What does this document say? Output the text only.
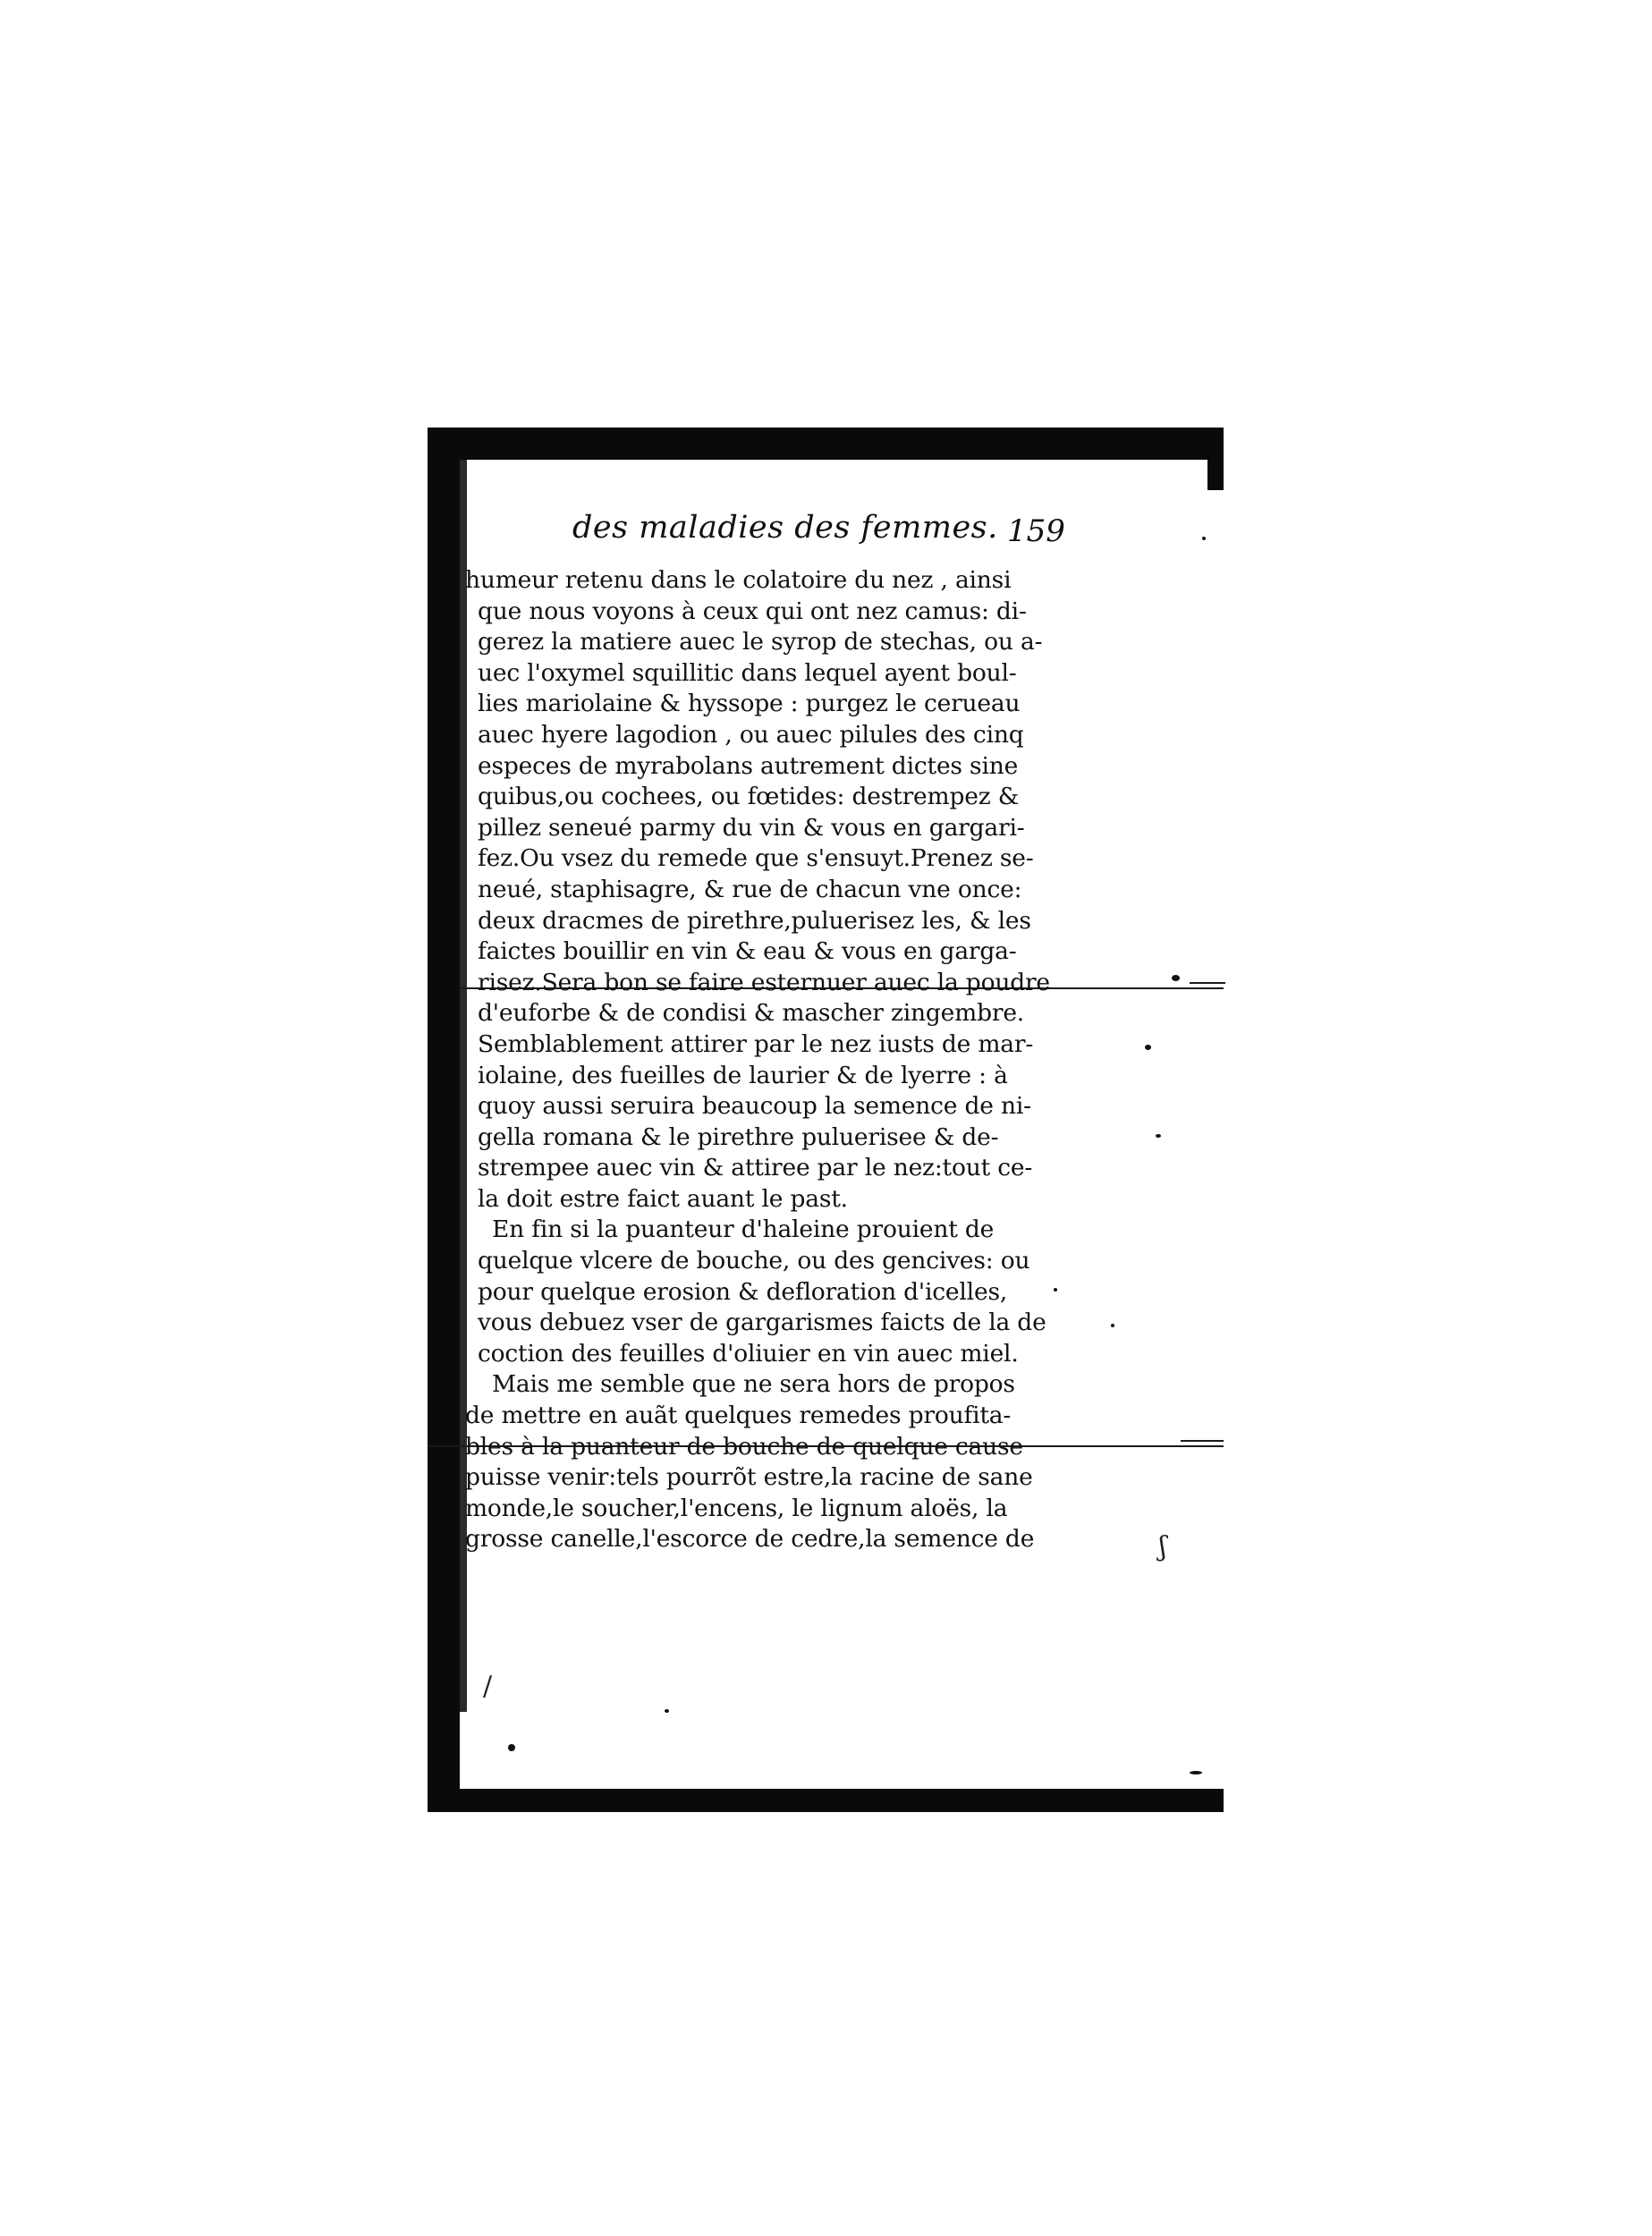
ʃ
/
des maladies des femmes. 159
humeur retenu dans le colatoire du nez , ainsi
que nous voyons à ceux qui ont nez camus: di-
gerez la matiere auec le syrop de stechas, ou a-
uec l'oxymel squillitic dans lequel ayent boul-
lies mariolaine & hyssope : purgez le cerueau
auec hyere lagodion , ou auec pilules des cinq
especes de myrabolans autrement dictes sine
quibus,ou cochees, ou fœtides: destrempez &
pillez seneué parmy du vin & vous en gargari-
fez.Ou vsez du remede que s'ensuyt.Prenez se-
neué, staphisagre, & rue de chacun vne once:
deux dracmes de pirethre,puluerisez les, & les
faictes bouillir en vin & eau & vous en garga-
risez.Sera bon se faire esternuer auec la poudre
d'euforbe & de condisi & mascher zingembre.
Semblablement attirer par le nez iusts de mar-
iolaine, des fueilles de laurier & de lyerre : à
quoy aussi seruira beaucoup la semence de ni-
gella romana & le pirethre puluerisee & de-
strempee auec vin & attiree par le nez:tout ce-
la doit estre faict auant le past.
En fin si la puanteur d'haleine prouient de
quelque vlcere de bouche, ou des gencives: ou
pour quelque erosion & defloration d'icelles,
vous debuez vser de gargarismes faicts de la de
coction des feuilles d'oliuier en vin auec miel.
Mais me semble que ne sera hors de propos
de mettre en auãt quelques remedes proufita-
bles à la puanteur de bouche de quelque cause
puisse venir:tels pourrõt estre,la racine de sane
monde,le soucher,l'encens, le lignum aloës, la
grosse canelle,l'escorce de cedre,la semence de
